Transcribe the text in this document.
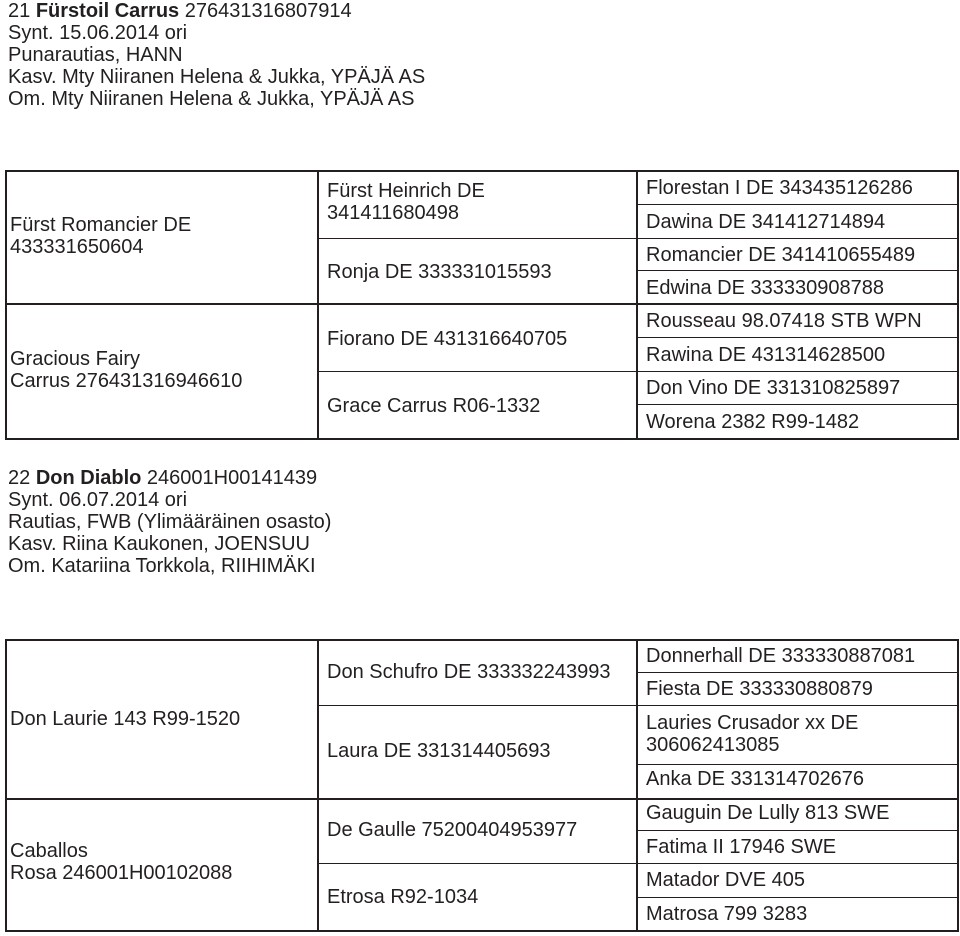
21 Fürstoil Carrus 276431316807914
Synt. 15.06.2014 ori
Punarautias, HANN
Kasv. Mty Niiranen Helena & Jukka, YPÄJÄ AS
Om. Mty Niiranen Helena & Jukka, YPÄJÄ AS
Fürst Romancier DE
433331650604
Gracious Fairy
Carrus 276431316946610
Fürst Heinrich DE
341411680498
Ronja DE 333331015593
Fiorano DE 431316640705
Grace Carrus R06-1332
Florestan I DE 343435126286
Dawina DE 341412714894
Romancier DE 341410655489
Edwina DE 333330908788
Rousseau 98.07418 STB WPN
Rawina DE 431314628500
Don Vino DE 331310825897
Worena 2382 R99-1482
22 Don Diablo 246001H00141439
Synt. 06.07.2014 ori
Rautias, FWB (Ylimääräinen osasto)
Kasv. Riina Kaukonen, JOENSUU
Om. Katariina Torkkola, RIIHIMÄKI
Don Laurie 143 R99-1520
Caballos
Rosa 246001H00102088
Don Schufro DE 333332243993
Laura DE 331314405693
De Gaulle 75200404953977
Etrosa R92-1034
Donnerhall DE 333330887081
Fiesta DE 333330880879
Lauries Crusador xx DE
306062413085
Anka DE 331314702676
Gauguin De Lully 813 SWE
Fatima II 17946 SWE
Matador DVE 405
Matrosa 799 3283
